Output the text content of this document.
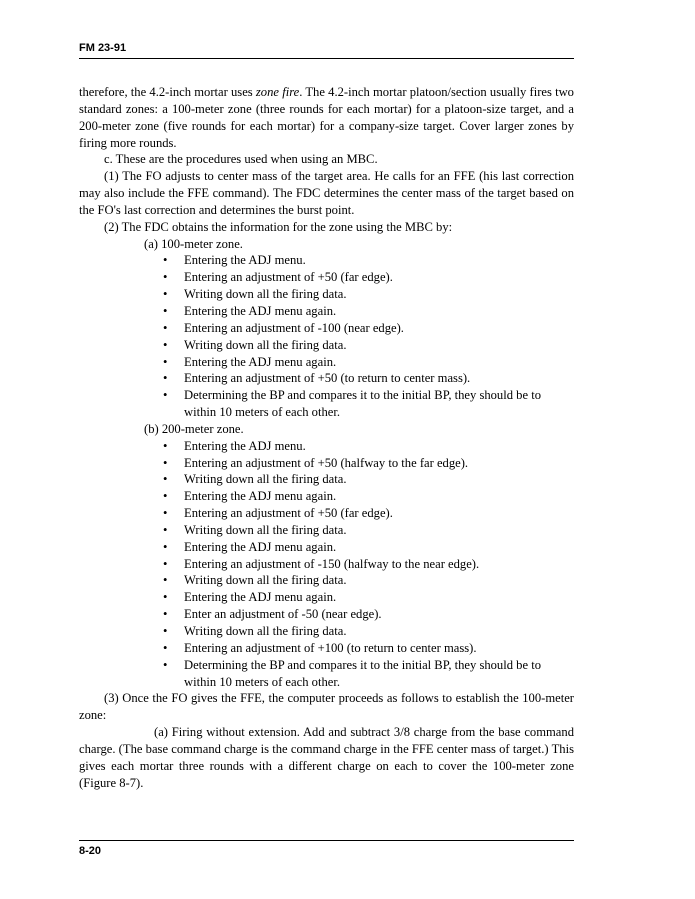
FM 23-91

therefore, the 4.2-inch mortar uses zone fire. The 4.2-inch mortar platoon/section usually fires two standard zones: a 100-meter zone (three rounds for each mortar) for a platoon-size target, and a 200-meter zone (five rounds for each mortar) for a company-size target. Cover larger zones by firing more rounds.

c. These are the procedures used when using an MBC.

(1) The FO adjusts to center mass of the target area. He calls for an FFE (his last correction may also include the FFE command). The FDC determines the center mass of the target based on the FO's last correction and determines the burst point.

(2) The FDC obtains the information for the zone using the MBC by:

(a) 100-meter zone.

• Entering the ADJ menu.
• Entering an adjustment of +50 (far edge).
• Writing down all the firing data.
• Entering the ADJ menu again.
• Entering an adjustment of -100 (near edge).
• Writing down all the firing data.
• Entering the ADJ menu again.
• Entering an adjustment of +50 (to return to center mass).
• Determining the BP and compares it to the initial BP, they should be to within 10 meters of each other.

(b) 200-meter zone.

• Entering the ADJ menu.
• Entering an adjustment of +50 (halfway to the far edge).
• Writing down all the firing data.
• Entering the ADJ menu again.
• Entering an adjustment of +50 (far edge).
• Writing down all the firing data.
• Entering the ADJ menu again.
• Entering an adjustment of -150 (halfway to the near edge).
• Writing down all the firing data.
• Entering the ADJ menu again.
• Enter an adjustment of -50 (near edge).
• Writing down all the firing data.
• Entering an adjustment of +100 (to return to center mass).
• Determining the BP and compares it to the initial BP, they should be to within 10 meters of each other.

(3) Once the FO gives the FFE, the computer proceeds as follows to establish the 100-meter zone:

(a) Firing without extension. Add and subtract 3/8 charge from the base command charge. (The base command charge is the command charge in the FFE center mass of target.) This gives each mortar three rounds with a different charge on each to cover the 100-meter zone (Figure 8-7).

8-20
